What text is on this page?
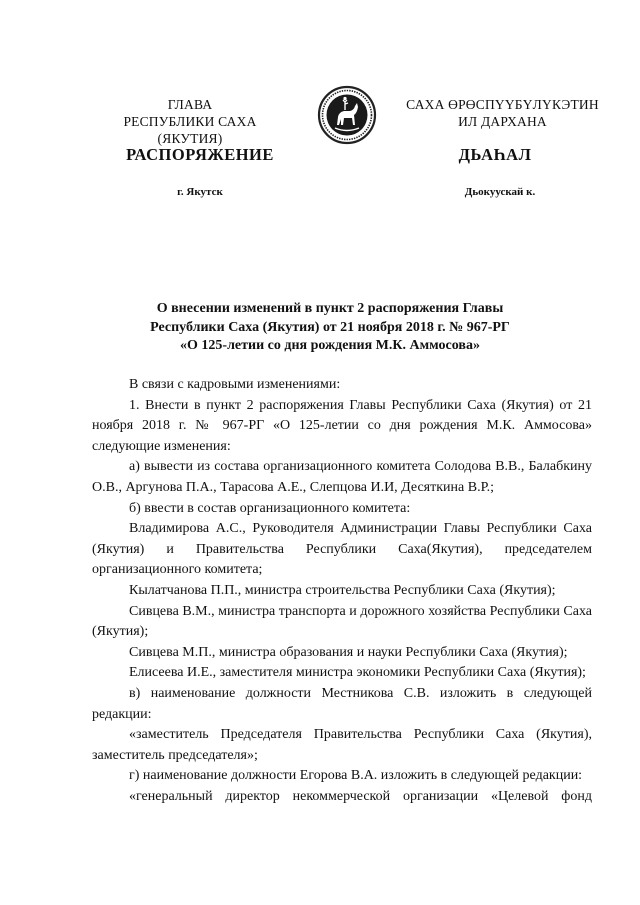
ГЛАВА
РЕСПУБЛИКИ САХА (ЯКУТИЯ)
САХА ӨРӨСПҮҮБҮЛҮКЭТИН
ИЛ ДАРХАНА
РАСПОРЯЖЕНИЕ	ДЬАҺАЛ
г. Якутск	Дьокуускай к.
О внесении изменений в пункт 2 распоряжения Главы
Республики Саха (Якутия) от 21 ноября 2018 г. № 967-РГ
«О 125-летии со дня рождения М.К. Аммосова»

В связи с кадровыми изменениями:

1. Внести в пункт 2 распоряжения Главы Республики Саха (Якутия) от 21 ноября 2018 г. № 967-РГ «О 125-летии со дня рождения М.К. Аммосова» следующие изменения:

а) вывести из состава организационного комитета Солодова В.В., Балабкину О.В., Аргунова П.А., Тарасова А.Е., Слепцова И.И, Десяткина В.Р.;

б) ввести в состав организационного комитета:

Владимирова А.С., Руководителя Администрации Главы Республики Саха (Якутия) и Правительства Республики Саха(Якутия), председателем организационного комитета;

Кылатчанова П.П., министра строительства Республики Саха (Якутия);

Сивцева В.М., министра транспорта и дорожного хозяйства Республики Саха (Якутия);

Сивцева М.П., министра образования и науки Республики Саха (Якутия);

Елисеева И.Е., заместителя министра экономики Республики Саха (Якутия);

в) наименование должности Местникова С.В. изложить в следующей редакции:

«заместитель Председателя Правительства Республики Саха (Якутия), заместитель председателя»;

г) наименование должности Егорова В.А. изложить в следующей редакции:

«генеральный директор некоммерческой организации «Целевой фонд
